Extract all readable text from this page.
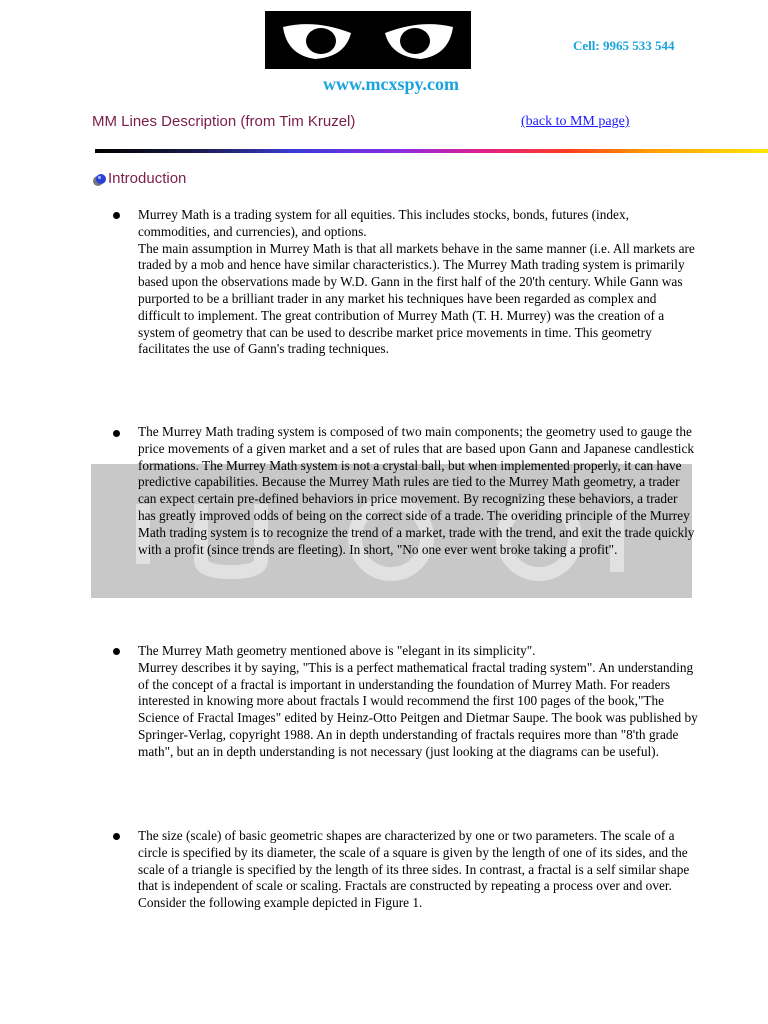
Cell: 9965 533 544
www.mcxspy.com
MM Lines Description (from Tim Kruzel)	(back to MM page)
Introduction

Murrey Math is a trading system for all equities. This includes stocks, bonds, futures (index, commodities, and currencies), and options.

The main assumption in Murrey Math is that all markets behave in the same manner (i.e. All markets are traded by a mob and hence have similar characteristics.). The Murrey Math trading system is primarily based upon the observations made by W.D. Gann in the first half of the 20'th century. While Gann was purported to be a brilliant trader in any market his techniques have been regarded as complex and difficult to implement. The great contribution of Murrey Math (T. H. Murrey) was the creation of a system of geometry that can be used to describe market price movements in time. This geometry facilitates the use of Gann's trading techniques.

The Murrey Math trading system is composed of two main components; the geometry used to gauge the price movements of a given market and a set of rules that are based upon Gann and Japanese candlestick formations. The Murrey Math system is not a crystal ball, but when implemented properly, it can have predictive capabilities. Because the Murrey Math rules are tied to the Murrey Math geometry, a trader can expect certain pre-defined behaviors in price movement. By recognizing these behaviors, a trader has greatly improved odds of being on the correct side of a trade. The overiding principle of the Murrey Math trading system is to recognize the trend of a market, trade with the trend, and exit the trade quickly with a profit (since trends are fleeting). In short, "No one ever went broke taking a profit".

The Murrey Math geometry mentioned above is "elegant in its simplicity".

Murrey describes it by saying, "This is a perfect mathematical fractal trading system". An understanding of the concept of a fractal is important in understanding the foundation of Murrey Math. For readers interested in knowing more about fractals I would recommend the first 100 pages of the book,"The Science of Fractal Images" edited by Heinz-Otto Peitgen and Dietmar Saupe. The book was published by Springer-Verlag, copyright 1988. An in depth understanding of fractals requires more than "8'th grade math", but an in depth understanding is not necessary (just looking at the diagrams can be useful).

The size (scale) of basic geometric shapes are characterized by one or two parameters. The scale of a circle is specified by its diameter, the scale of a square is given by the length of one of its sides, and the scale of a triangle is specified by the length of its three sides. In contrast, a fractal is a self similar shape that is independent of scale or scaling. Fractals are constructed by repeating a process over and over. Consider the following example depicted in Figure 1.
